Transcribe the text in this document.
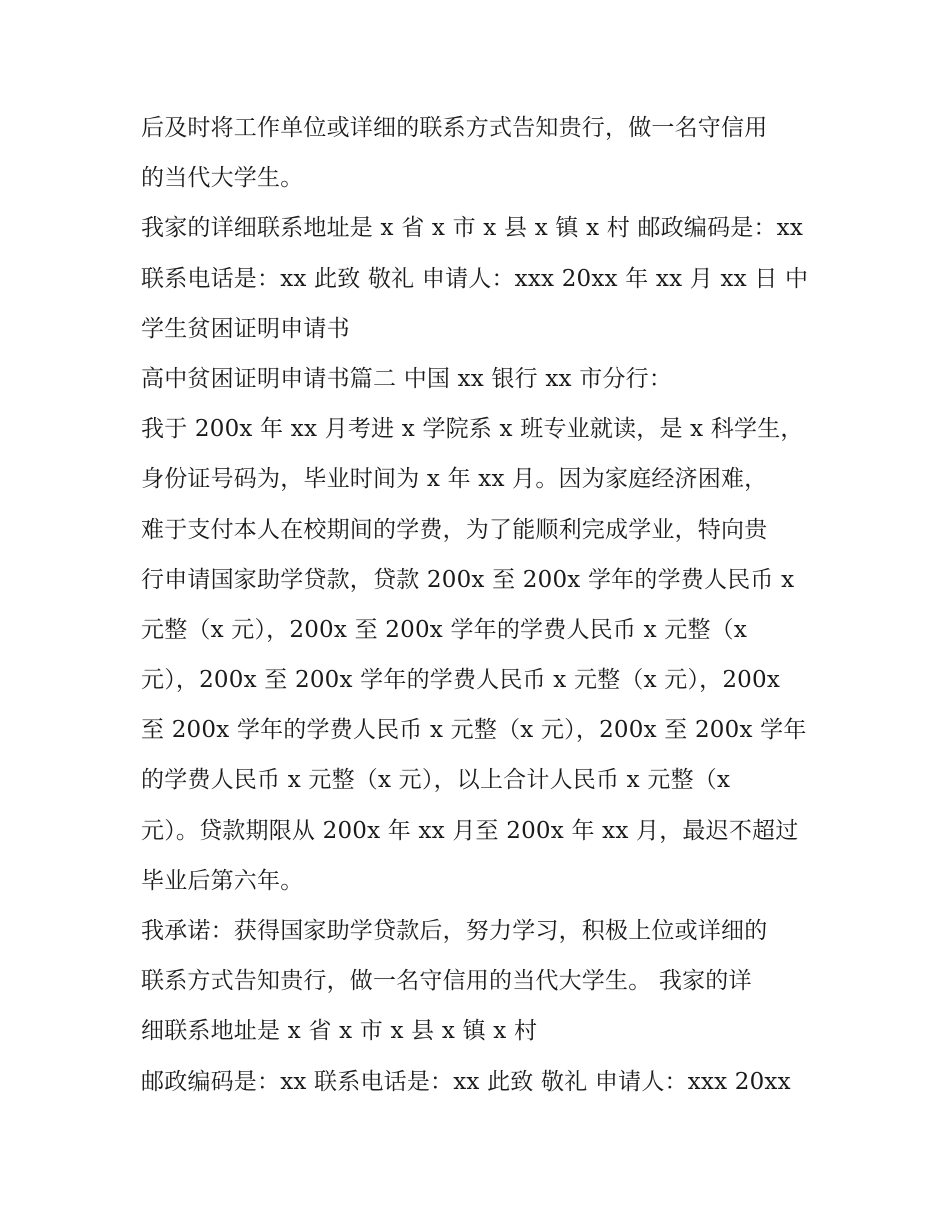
后及时将工作单位或详细的联系方式告知贵行，做一名守信用
的当代大学生。
我家的详细联系地址是 x 省 x 市 x 县 x 镇 x 村 邮政编码是：xx
联系电话是：xx 此致 敬礼 申请人：xxx 20xx 年 xx 月 xx 日 中
学生贫困证明申请书
高中贫困证明申请书篇二 中国 xx 银行 xx 市分行：
我于 200x 年 xx 月考进 x 学院系 x 班专业就读，是 x 科学生，
身份证号码为，毕业时间为 x 年 xx 月。因为家庭经济困难，
难于支付本人在校期间的学费，为了能顺利完成学业，特向贵
行申请国家助学贷款，贷款 200x 至 200x 学年的学费人民币 x
元整（x 元），200x 至 200x 学年的学费人民币 x 元整（x
元），200x 至 200x 学年的学费人民币 x 元整（x 元），200x
至 200x 学年的学费人民币 x 元整（x 元），200x 至 200x 学年
的学费人民币 x 元整（x 元），以上合计人民币 x 元整（x
元）。贷款期限从 200x 年 xx 月至 200x 年 xx 月，最迟不超过
毕业后第六年。
我承诺：获得国家助学贷款后，努力学习，积极上位或详细的
联系方式告知贵行，做一名守信用的当代大学生。 我家的详
细联系地址是 x 省 x 市 x 县 x 镇 x 村
邮政编码是：xx 联系电话是：xx 此致 敬礼 申请人：xxx 20xx
